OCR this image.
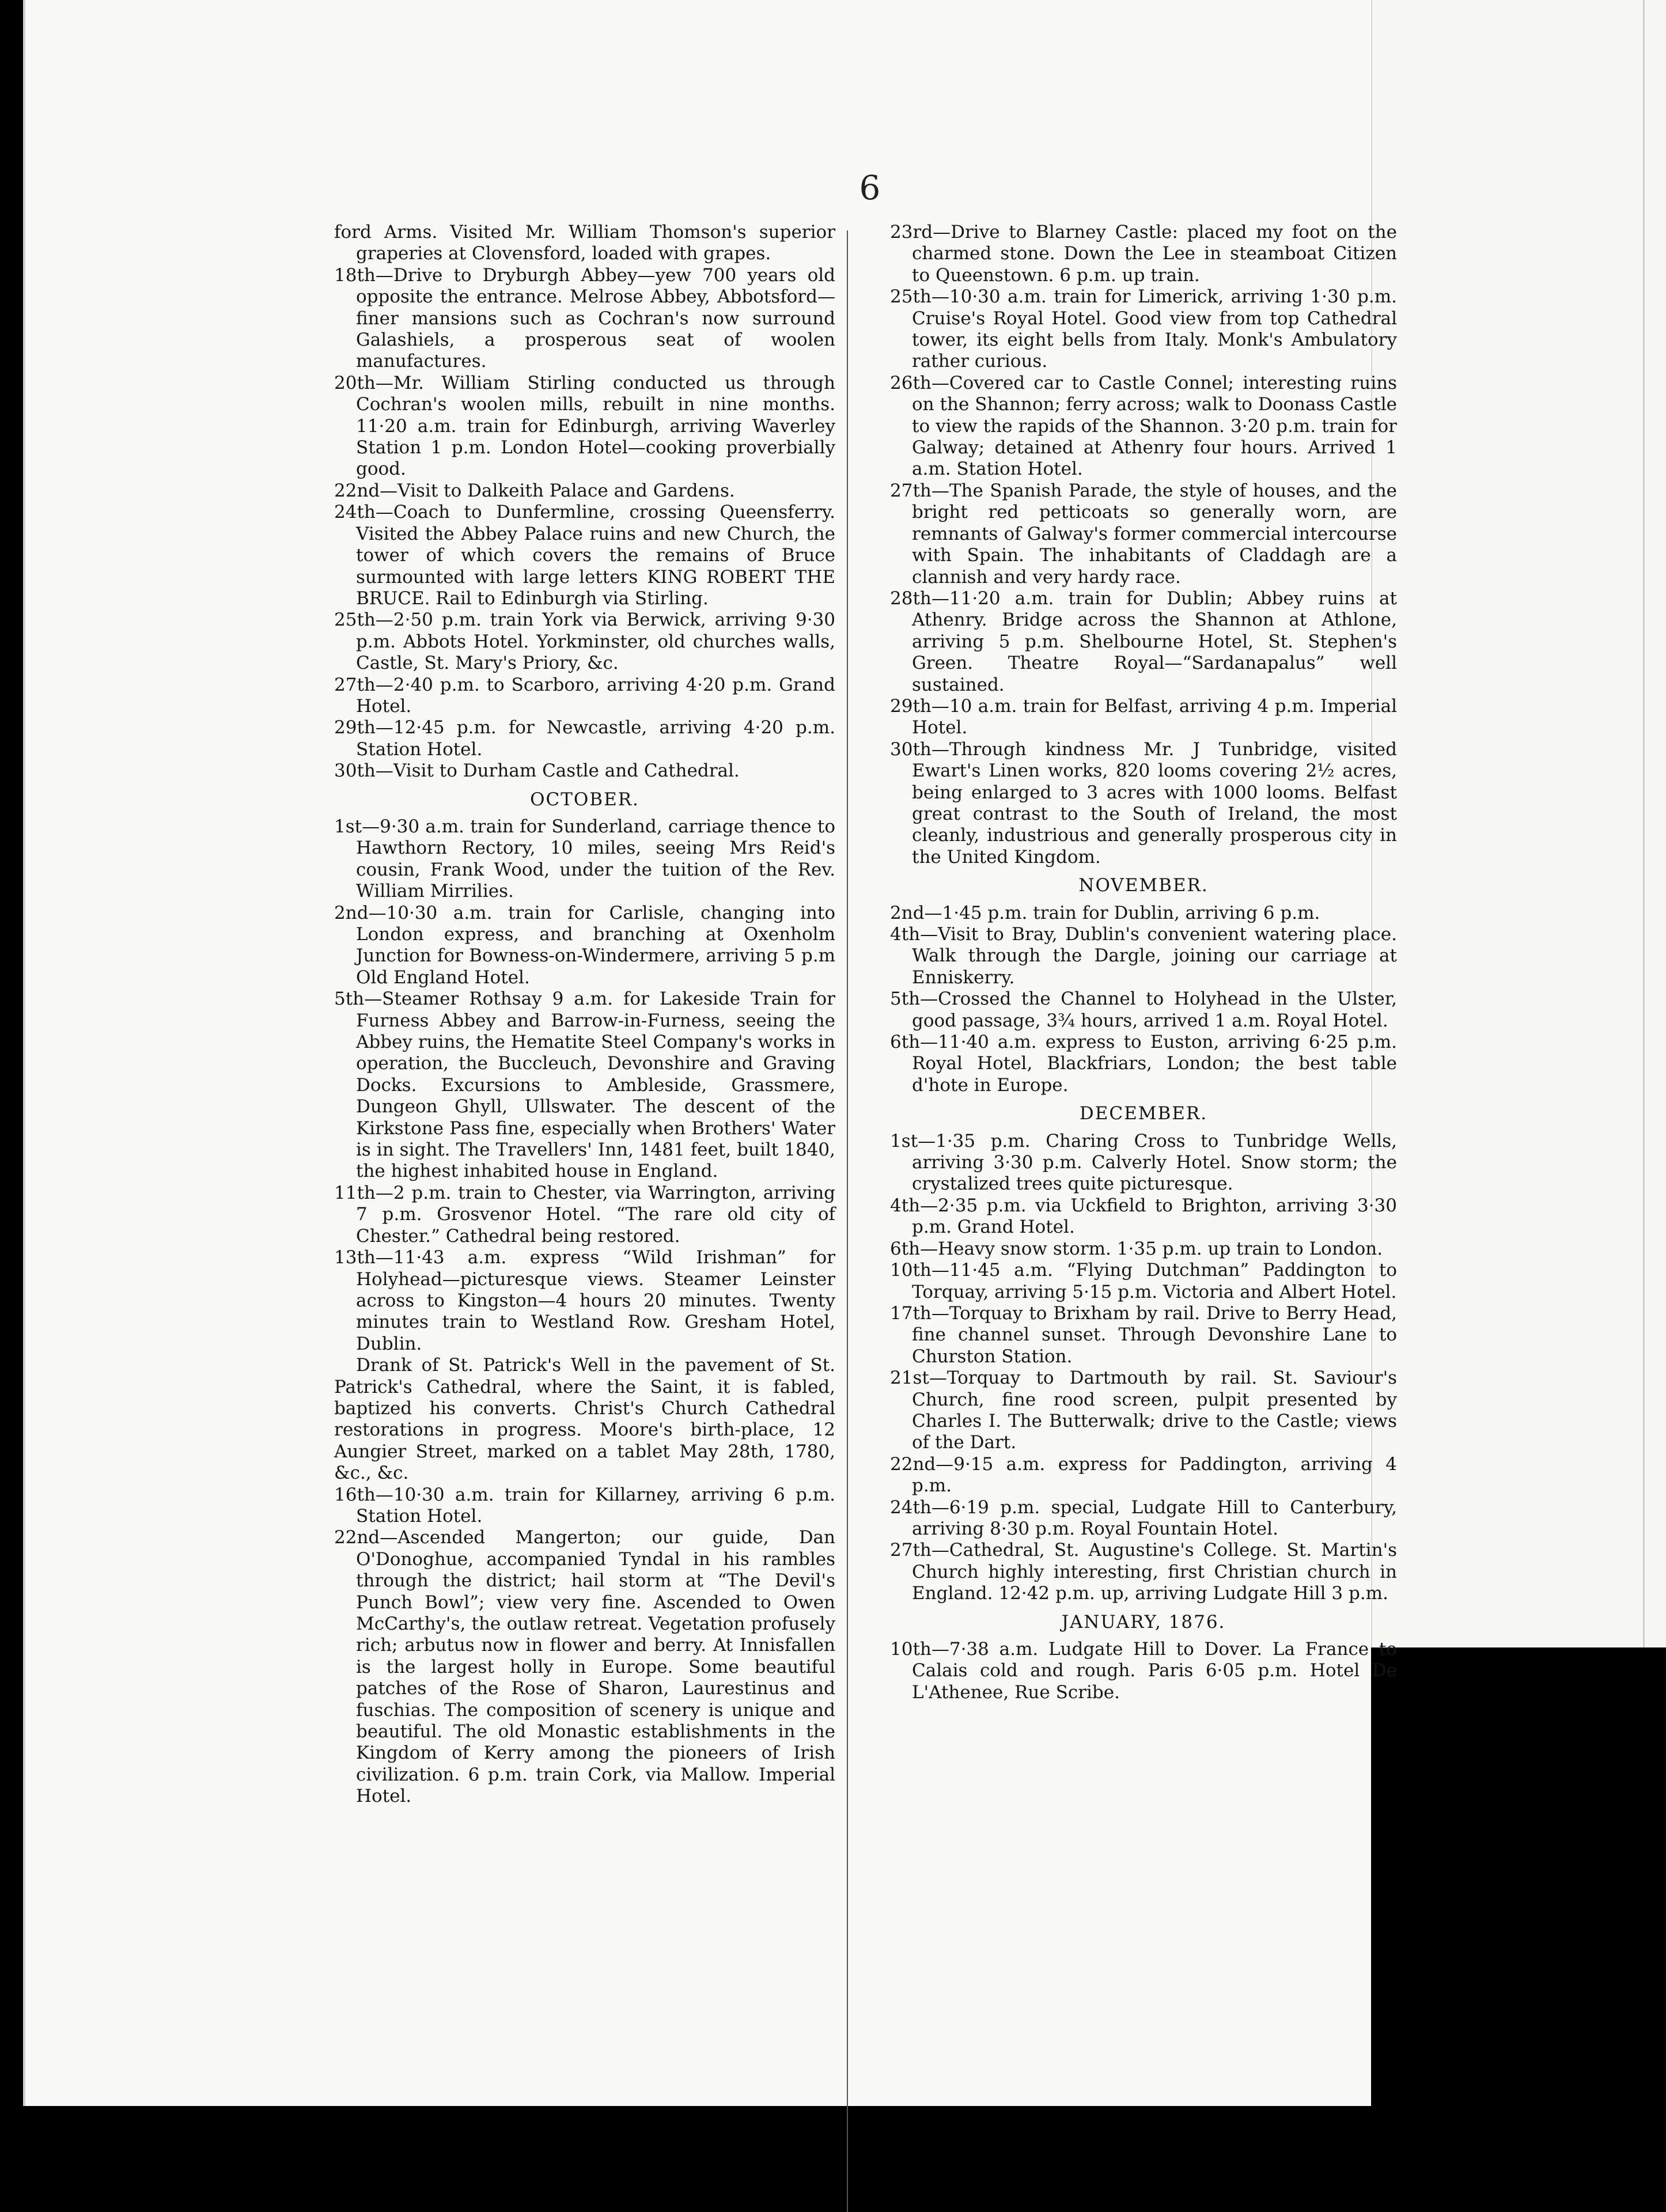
6

ford Arms. Visited Mr. William Thomson's superior graperies at Clovensford, loaded with grapes.

18th—Drive to Dryburgh Abbey—yew 700 years old opposite the entrance. Melrose Abbey, Abbotsford—finer mansions such as Cochran's now surround Galashiels, a prosperous seat of woolen manufactures.

20th—Mr. William Stirling conducted us through Cochran's woolen mills, rebuilt in nine months. 11·20 a.m. train for Edinburgh, arriving Waverley Station 1 p.m. London Hotel—cooking proverbially good.

22nd—Visit to Dalkeith Palace and Gardens.

24th—Coach to Dunfermline, crossing Queensferry. Visited the Abbey Palace ruins and new Church, the tower of which covers the remains of Bruce surmounted with large letters KING ROBERT THE BRUCE. Rail to Edinburgh via Stirling.

25th—2·50 p.m. train York via Berwick, arriving 9·30 p.m. Abbots Hotel. Yorkminster, old churches walls, Castle, St. Mary's Priory, &c.

27th—2·40 p.m. to Scarboro, arriving 4·20 p.m. Grand Hotel.

29th—12·45 p.m. for Newcastle, arriving 4·20 p.m. Station Hotel.

30th—Visit to Durham Castle and Cathedral.

OCTOBER.

1st—9·30 a.m. train for Sunderland, carriage thence to Hawthorn Rectory, 10 miles, seeing Mrs Reid's cousin, Frank Wood, under the tuition of the Rev. William Mirrilies.

2nd—10·30 a.m. train for Carlisle, changing into London express, and branching at Oxenholm Junction for Bowness-on-Windermere, arriving 5 p.m Old England Hotel.

5th—Steamer Rothsay 9 a.m. for Lakeside Train for Furness Abbey and Barrow-in-Furness, seeing the Abbey ruins, the Hematite Steel Company's works in operation, the Buccleuch, Devonshire and Graving Docks. Excursions to Ambleside, Grassmere, Dungeon Ghyll, Ullswater. The descent of the Kirkstone Pass fine, especially when Brothers' Water is in sight. The Travellers' Inn, 1481 feet, built 1840, the highest inhabited house in England.

11th—2 p.m. train to Chester, via Warrington, arriving 7 p.m. Grosvenor Hotel. “The rare old city of Chester.” Cathedral being restored.

13th—11·43 a.m. express “Wild Irishman” for Holyhead—picturesque views. Steamer Leinster across to Kingston—4 hours 20 minutes. Twenty minutes train to Westland Row. Gresham Hotel, Dublin.

Drank of St. Patrick's Well in the pavement of St. Patrick's Cathedral, where the Saint, it is fabled, baptized his converts. Christ's Church Cathedral restorations in progress. Moore's birth-place, 12 Aungier Street, marked on a tablet May 28th, 1780, &c., &c.

16th—10·30 a.m. train for Killarney, arriving 6 p.m. Station Hotel.

22nd—Ascended Mangerton; our guide, Dan O'Donoghue, accompanied Tyndal in his rambles through the district; hail storm at “The Devil's Punch Bowl”; view very fine. Ascended to Owen McCarthy's, the outlaw retreat. Vegetation profusely rich; arbutus now in flower and berry. At Innisfallen is the largest holly in Europe. Some beautiful patches of the Rose of Sharon, Laurestinus and fuschias. The composition of scenery is unique and beautiful. The old Monastic establishments in the Kingdom of Kerry among the pioneers of Irish civilization. 6 p.m. train Cork, via Mallow. Imperial Hotel.

23rd—Drive to Blarney Castle: placed my foot on the charmed stone. Down the Lee in steamboat Citizen to Queenstown. 6 p.m. up train.

25th—10·30 a.m. train for Limerick, arriving 1·30 p.m. Cruise's Royal Hotel. Good view from top Cathedral tower, its eight bells from Italy. Monk's Ambulatory rather curious.

26th—Covered car to Castle Connel; interesting ruins on the Shannon; ferry across; walk to Doonass Castle to view the rapids of the Shannon. 3·20 p.m. train for Galway; detained at Athenry four hours. Arrived 1 a.m. Station Hotel.

27th—The Spanish Parade, the style of houses, and the bright red petticoats so generally worn, are remnants of Galway's former commercial intercourse with Spain. The inhabitants of Claddagh are a clannish and very hardy race.

28th—11·20 a.m. train for Dublin; Abbey ruins at Athenry. Bridge across the Shannon at Athlone, arriving 5 p.m. Shelbourne Hotel, St. Stephen's Green. Theatre Royal—“Sardanapalus” well sustained.

29th—10 a.m. train for Belfast, arriving 4 p.m. Imperial Hotel.

30th—Through kindness Mr. J Tunbridge, visited Ewart's Linen works, 820 looms covering 2½ acres, being enlarged to 3 acres with 1000 looms. Belfast great contrast to the South of Ireland, the most cleanly, industrious and generally prosperous city in the United Kingdom.

NOVEMBER.

2nd—1·45 p.m. train for Dublin, arriving 6 p.m.

4th—Visit to Bray, Dublin's convenient watering place. Walk through the Dargle, joining our carriage at Enniskerry.

5th—Crossed the Channel to Holyhead in the Ulster, good passage, 3¾ hours, arrived 1 a.m. Royal Hotel.

6th—11·40 a.m. express to Euston, arriving 6·25 p.m. Royal Hotel, Blackfriars, London; the best table d'hote in Europe.

DECEMBER.

1st—1·35 p.m. Charing Cross to Tunbridge Wells, arriving 3·30 p.m. Calverly Hotel. Snow storm; the crystalized trees quite picturesque.

4th—2·35 p.m. via Uckfield to Brighton, arriving 3·30 p.m. Grand Hotel.

6th—Heavy snow storm. 1·35 p.m. up train to London.

10th—11·45 a.m. “Flying Dutchman” Paddington to Torquay, arriving 5·15 p.m. Victoria and Albert Hotel.

17th—Torquay to Brixham by rail. Drive to Berry Head, fine channel sunset. Through Devonshire Lane to Churston Station.

21st—Torquay to Dartmouth by rail. St. Saviour's Church, fine rood screen, pulpit presented by Charles I. The Butterwalk; drive to the Castle; views of the Dart.

22nd—9·15 a.m. express for Paddington, arriving 4 p.m.

24th—6·19 p.m. special, Ludgate Hill to Canterbury, arriving 8·30 p.m. Royal Fountain Hotel.

27th—Cathedral, St. Augustine's College. St. Martin's Church highly interesting, first Christian church in England. 12·42 p.m. up, arriving Ludgate Hill 3 p.m.

JANUARY, 1876.

10th—7·38 a.m. Ludgate Hill to Dover. La France to Calais cold and rough. Paris 6·05 p.m. Hotel De L'Athenee, Rue Scribe.
